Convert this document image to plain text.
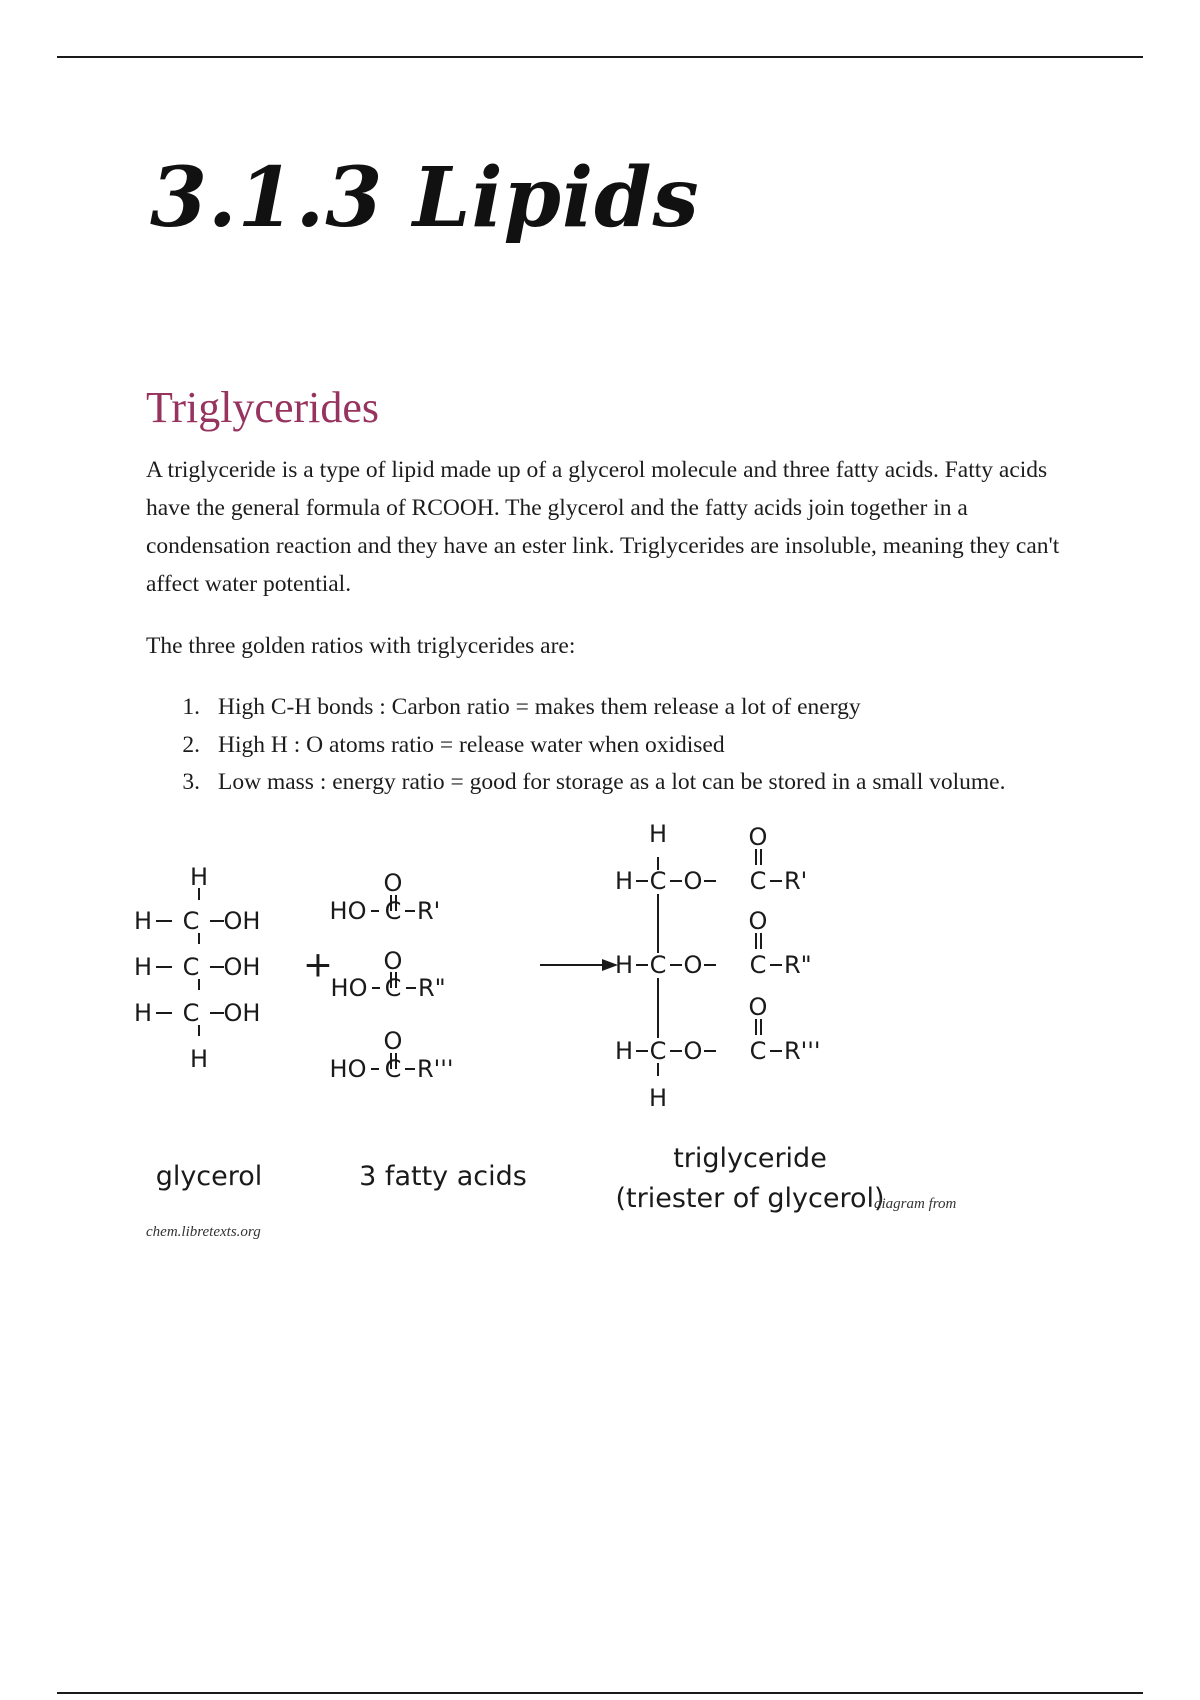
3.1.3 Lipids
Triglycerides

A triglyceride is a type of lipid made up of a glycerol molecule and three fatty acids. Fatty acids have the general formula of RCOOH. The glycerol and the fatty acids join together in a condensation reaction and they have an ester link. Triglycerides are insoluble, meaning they can't affect water potential.

The three golden ratios with triglycerides are:

1. High C-H bonds : Carbon ratio = makes them release a lot of energy
2. High H : O atoms ratio = release water when oxidised
3. Low mass : energy ratio = good for storage as a lot can be stored in a small volume.
H
H C OH
H C OH
H C OH
H
+
O
HO C R'
O
HO C R"
O
HO C R'''
H	O
H C O C R'
O
H C O C R"
O
H C O C R'''
H
glycerol	3 fatty acids
triglyceride
(triester of glycerol)
diagram from
chem.libretexts.org
